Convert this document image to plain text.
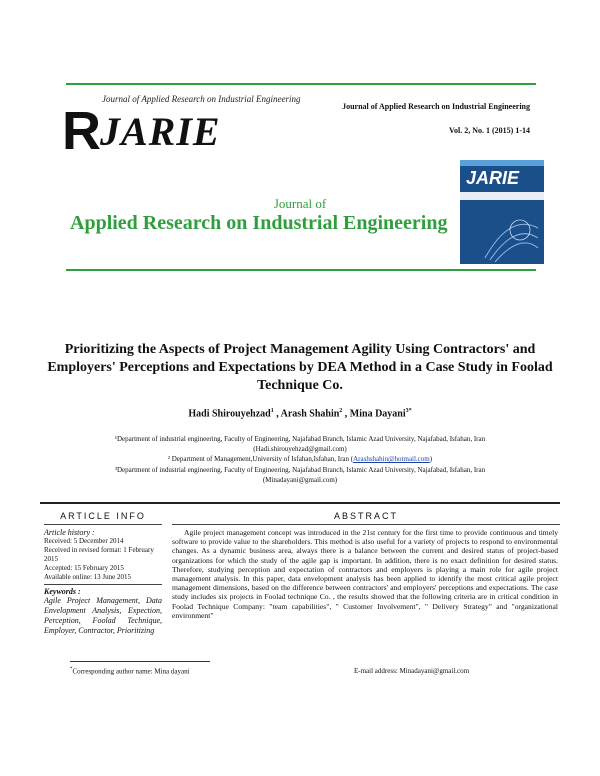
R
Journal of Applied Research on Industrial Engineering
JARIE
Journal of Applied Research on Industrial Engineering
Vol. 2, No. 1 (2015) 1-14
JARIE
Journal of
Applied Research on Industrial Engineering
Prioritizing the Aspects of Project Management Agility Using Contractors' and Employers' Perceptions and Expectations by DEA Method in a Case Study in Foolad Technique Co.
Hadi Shirouyehzad$^1$ , Arash Shahin$^2$ , Mina Dayani$^{3*}$
¹Department of industrial engineering, Faculty of Engineering, Najafabad Branch, Islamic Azad University, Najafabad, Isfahan, Iran
(Hadi.shirouyehzad@gmail.com)
² Department of Management,University of Isfahan,Isfahan, Iran (Arashshahin@hotmail.com)
³Department of industrial engineering, Faculty of Engineering, Najafabad Branch, Islamic Azad University, Najafabad, Isfahan, Iran
(Minadayani@gmail.com)
ARTICLE INFO	ABSTRACT
Article history :
Received: 5 December 2014
Received in revised format: 1 February 2015
Accepted: 15 February 2015
Available online: 13 June 2015
Keywords :
Agile Project Management, Data Envelopment Analysis, Expection, Perception, Foolad Technique, Employer, Contractor, Prioritizing
Agile project management concept was introduced in the 21st century for the first time to provide continuous and timely software to provide value to the shareholders. This method is also useful for a variety of projects to respond to environmental changes. As a dynamic business area, always there is a balance between the current and desired status of project-based organizations for which the study of the agile gap is important. In addition, there is no exact definition for desired status. Therefore, studying perception and expectation of contractors and employers is playing a main role for agile project management analysis. In this paper, data envelopment analysis has been applied to identify the most critical agile project management dimensions, based on the difference between contractors' and employers' perceptions and expectations. The case study includes six projects in Foolad technique Co. , the results showed that the following criteria are in critical condition in Foolad Technique Company: "team capabilities", " Customer Involvement", " Delivery Strategy" and "organizational environment"
*Corresponding author name: Mina dayani	E-mail address: Minadayani@gmail.com
